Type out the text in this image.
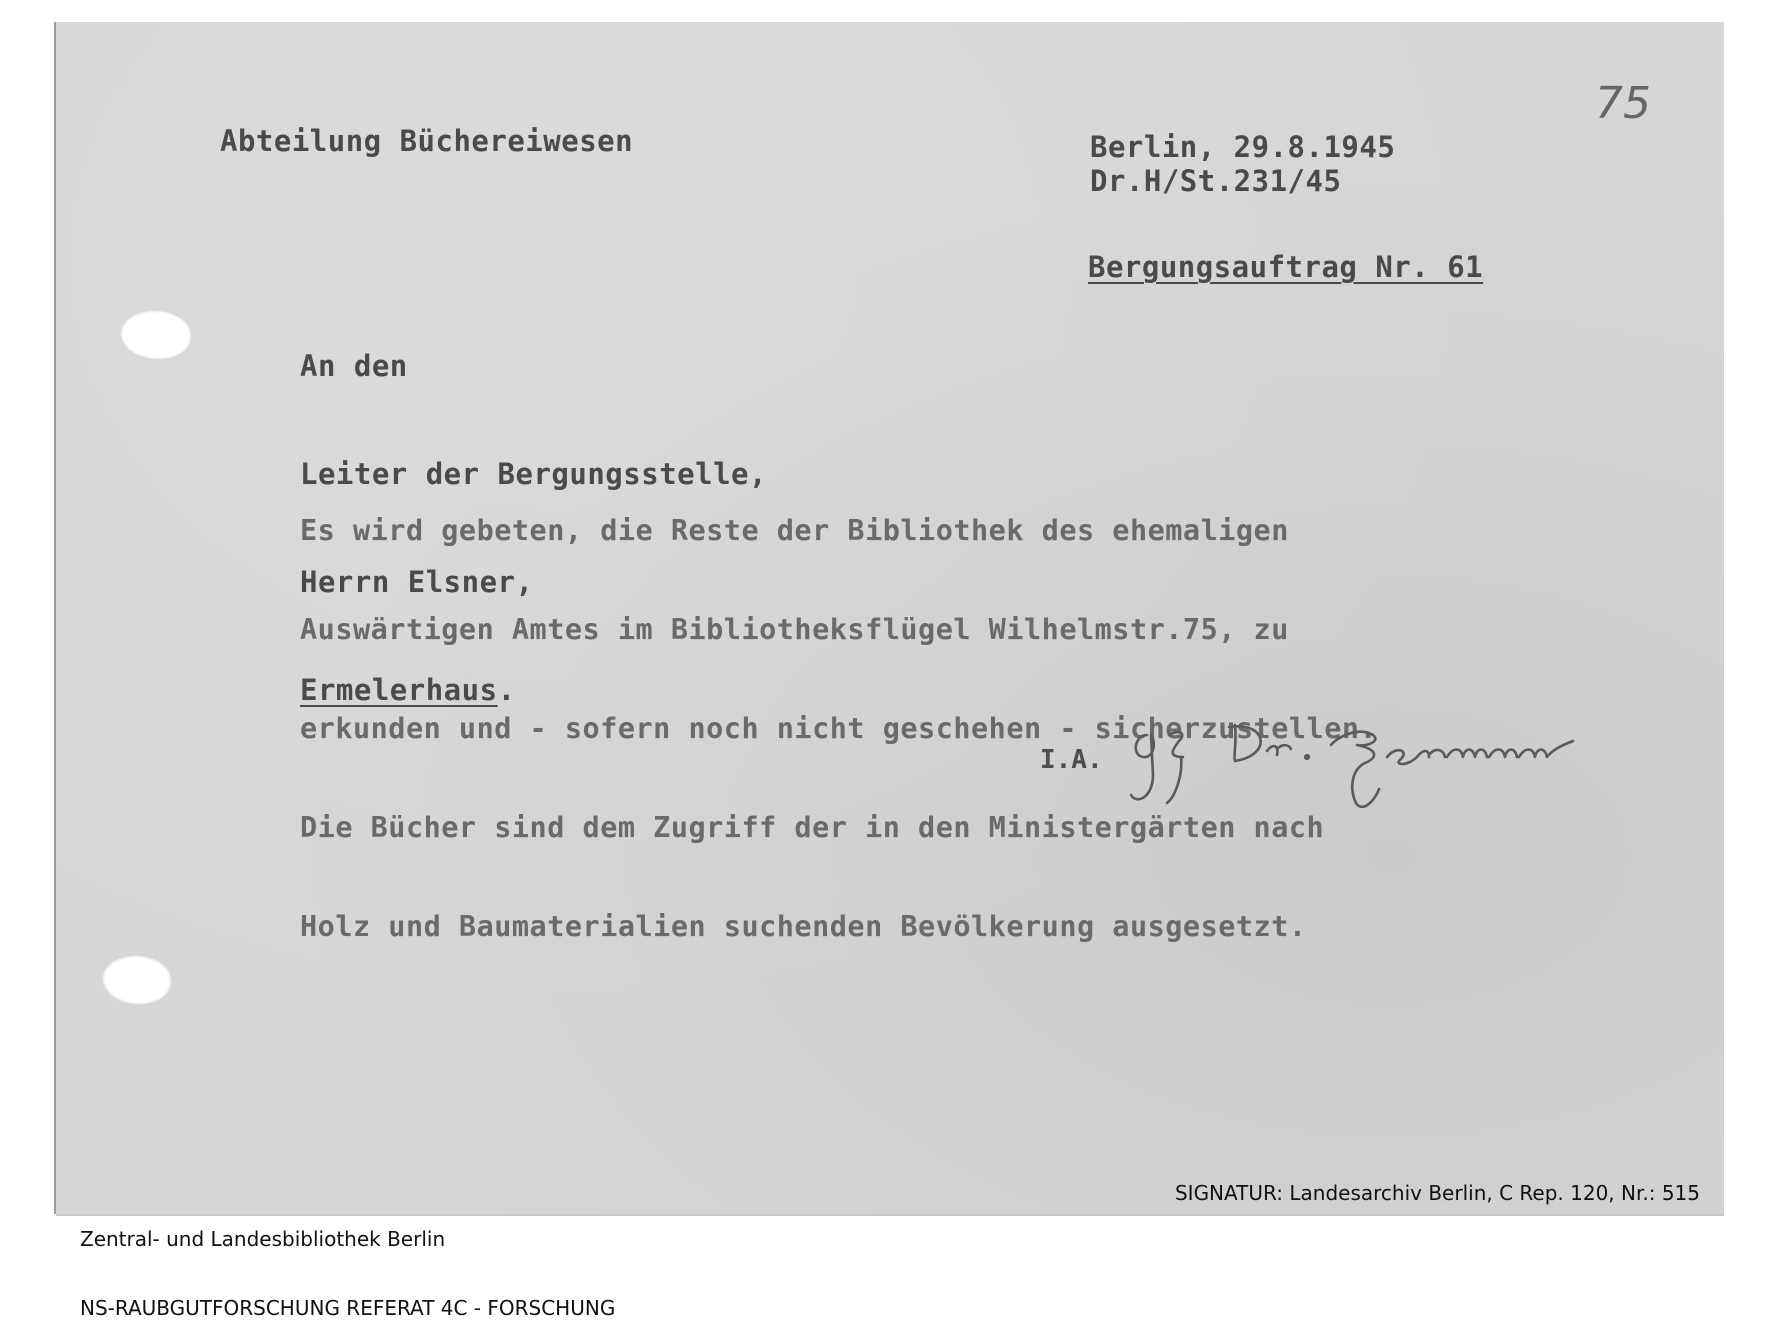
75
Abteilung Büchereiwesen	Berlin, 29.8.1945
Dr.H/St.231/45
Bergungsauftrag Nr. 61

An den

Leiter der Bergungsstelle,

Herrn Elsner,

Ermelerhaus.

Es wird gebeten, die Reste der Bibliothek des ehemaligen

Auswärtigen Amtes im Bibliotheksflügel Wilhelmstr.75, zu

erkunden und - sofern noch nicht geschehen - sicherzustellen.

Die Bücher sind dem Zugriff der in den Ministergärten nach

Holz und Baumaterialien suchenden Bevölkerung ausgesetzt.

I.A.

Zentral- und Landesbibliothek Berlin

NS-RAUBGUTFORSCHUNG REFERAT 4C - FORSCHUNG

SIGNATUR: Landesarchiv Berlin, C Rep. 120, Nr.: 515
